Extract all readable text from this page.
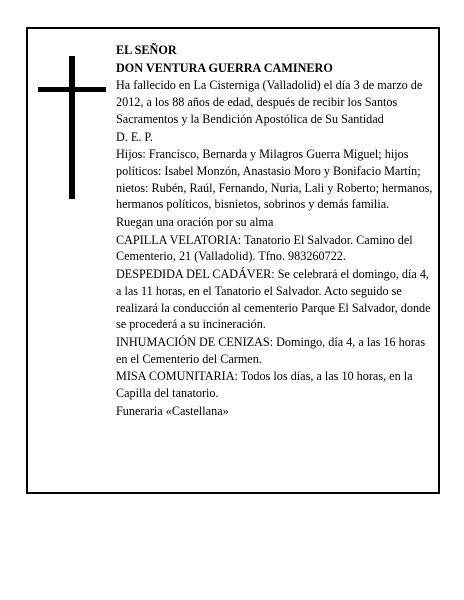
EL SEÑOR

DON VENTURA GUERRA CAMINERO

Ha fallecido en La Cisterniga (Valladolid) el día 3 de marzo de 2012, a los 88 años de edad, después de recibir los Santos Sacramentos y la Bendición Apostólica de Su Santidad

D. E. P.

Hijos: Francisco, Bernarda y Milagros Guerra Miguel; hijos políticos: Isabel Monzón, Anastasio Moro y Bonifacio Martín; nietos: Rubén, Raúl, Fernando, Nuria, Lali y Roberto; hermanos, hermanos políticos, bisnietos, sobrinos y demás familia.

Ruegan una oración por su alma

CAPILLA VELATORIA: Tanatorio El Salvador. Camino del Cementerio, 21 (Valladolid). Tfno. 983260722.

DESPEDIDA DEL CADÁVER: Se celebrará el domingo, día 4, a las 11 horas, en el Tanatorio el Salvador. Acto seguido se realizará la conducción al cementerio Parque El Salvador, donde se procederá a su incineración.

INHUMACIÓN DE CENIZAS: Domingo, día 4, a las 16 horas en el Cementerio del Carmen.

MISA COMUNITARIA: Todos los días, a las 10 horas, en la Capilla del tanatorio.

Funeraria «Castellana»
